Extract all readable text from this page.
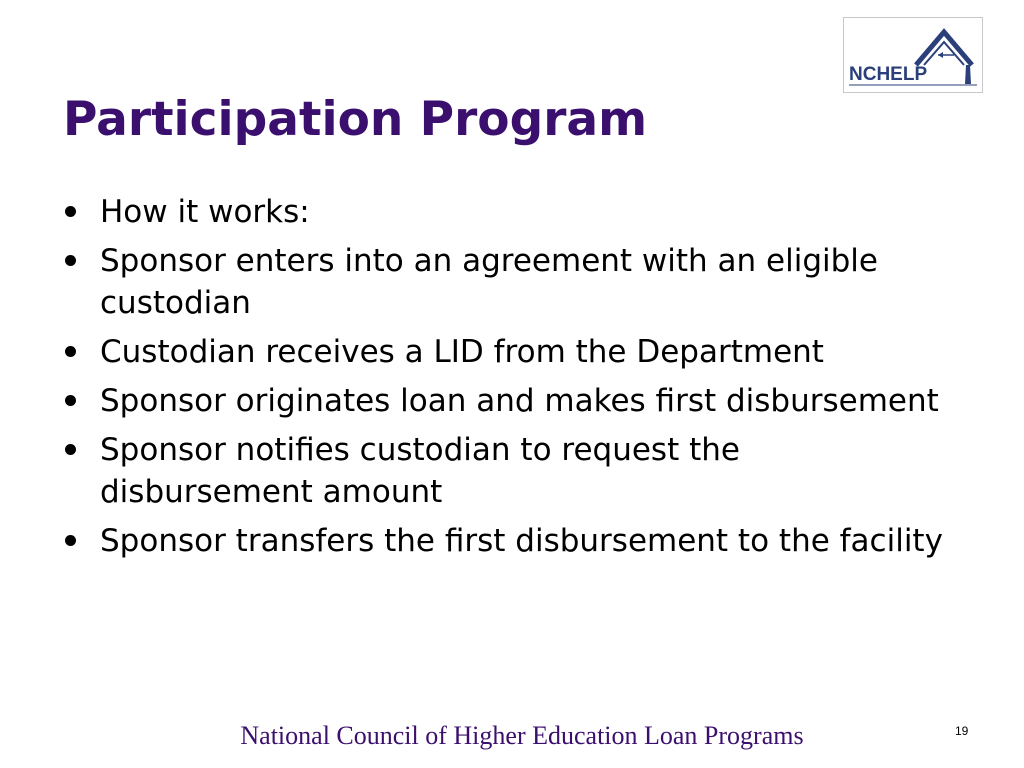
NCHELP
Participation Program
How it works:
Sponsor enters into an agreement with an eligible custodian
Custodian receives a LID from the Department
Sponsor originates loan and makes first disbursement
Sponsor notifies custodian to request the disbursement amount
Sponsor transfers the first disbursement to the facility
National Council of Higher Education Loan Programs	19
